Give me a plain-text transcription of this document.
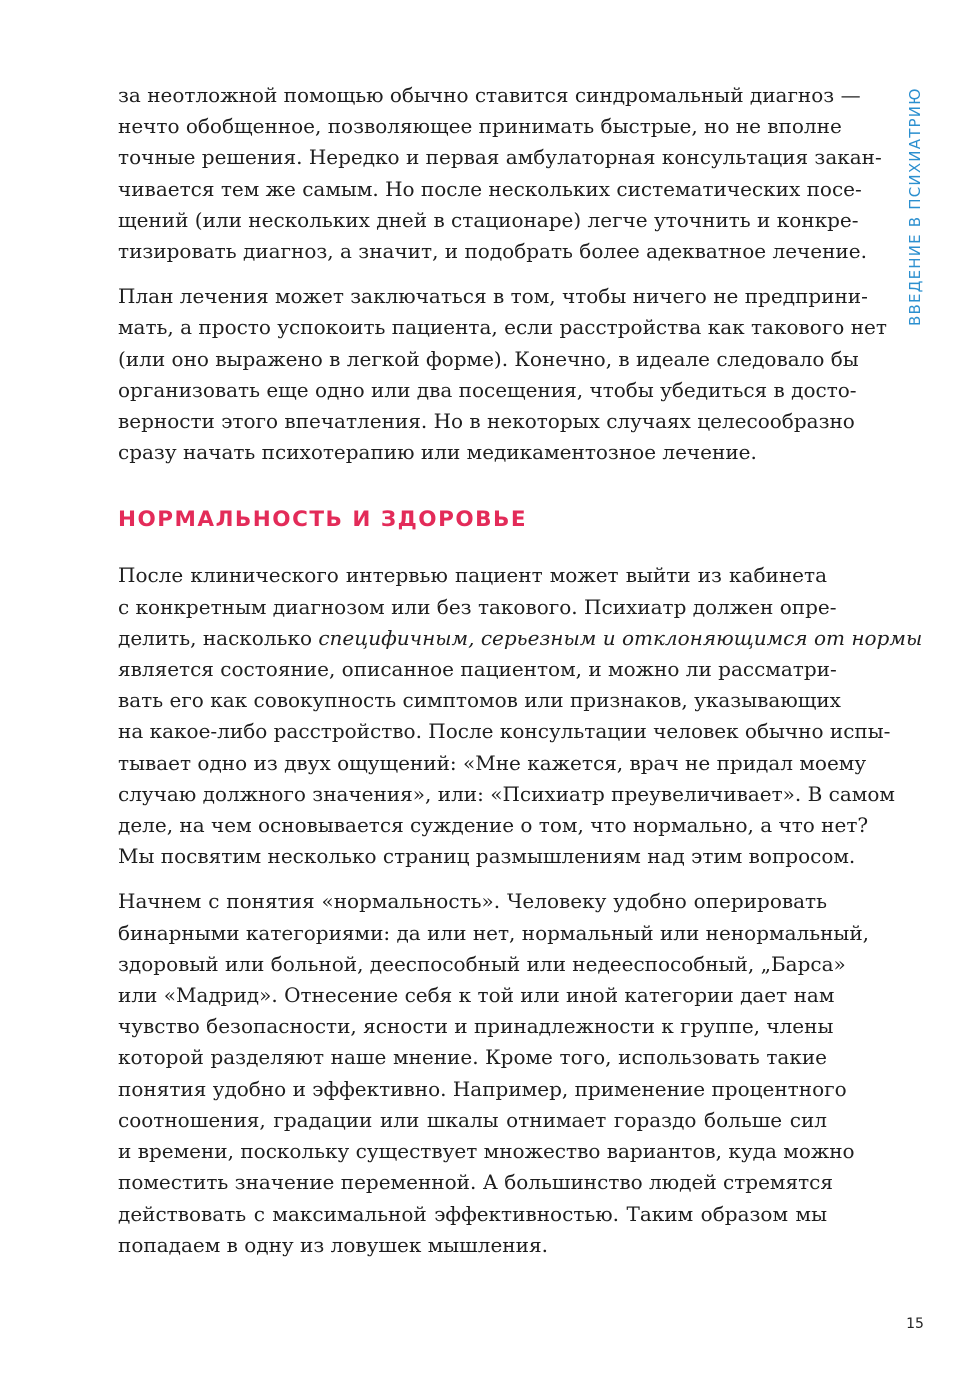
ВВЕДЕНИЕ В ПСИХИАТРИЮ
за неотложной помощью обычно ставится синдромальный диагноз —
нечто обобщенное, позволяющее принимать быстрые, но не вполне
точные решения. Нередко и первая амбулаторная консультация закан-
чивается тем же самым. Но после нескольких систематических посе-
щений (или нескольких дней в стационаре) легче уточнить и конкре-
тизировать диагноз, а значит, и подобрать более адекватное лечение.
План лечения может заключаться в том, чтобы ничего не предприни-
мать, а просто успокоить пациента, если расстройства как такового нет
(или оно выражено в легкой форме). Конечно, в идеале следовало бы
организовать еще одно или два посещения, чтобы убедиться в досто-
верности этого впечатления. Но в некоторых случаях целесообразно
сразу начать психотерапию или медикаментозное лечение.
НОРМАЛЬНОСТЬ И ЗДОРОВЬЕ
После клинического интервью пациент может выйти из кабинета
с конкретным диагнозом или без такового. Психиатр должен опре-
делить, насколько специфичным, серьезным и отклоняющимся от нормы
является состояние, описанное пациентом, и можно ли рассматри-
вать его как совокупность симптомов или признаков, указывающих
на какое-либо расстройство. После консультации человек обычно испы-
тывает одно из двух ощущений: «Мне кажется, врач не придал моему
случаю должного значения», или: «Психиатр преувеличивает». В самом
деле, на чем основывается суждение о том, что нормально, а что нет?
Мы посвятим несколько страниц размышлениям над этим вопросом.
Начнем с понятия «нормальность». Человеку удобно оперировать
бинарными категориями: да или нет, нормальный или ненормальный,
здоровый или больной, дееспособный или недееспособный, „Барса»
или «Мадрид». Отнесение себя к той или иной категории дает нам
чувство безопасности, ясности и принадлежности к группе, члены
которой разделяют наше мнение. Кроме того, использовать такие
понятия удобно и эффективно. Например, применение процентного
соотношения, градации или шкалы отнимает гораздо больше сил
и времени, поскольку существует множество вариантов, куда можно
поместить значение переменной. А большинство людей стремятся
действовать с максимальной эффективностью. Таким образом мы
попадаем в одну из ловушек мышления.
15
